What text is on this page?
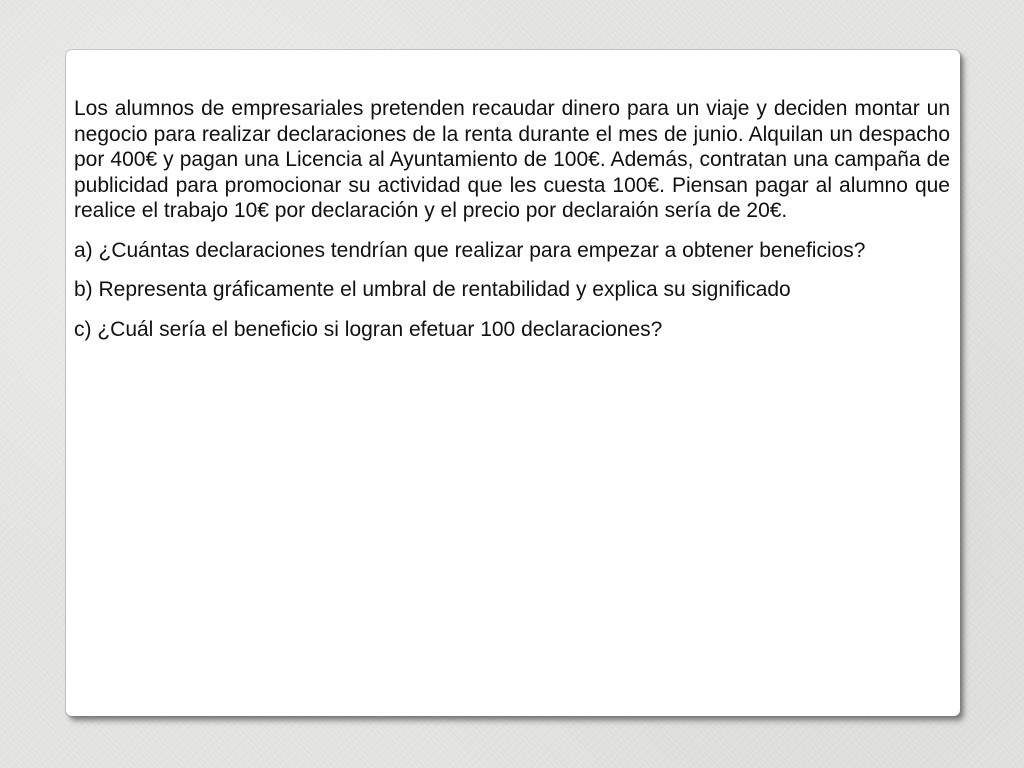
Los alumnos de empresariales pretenden recaudar dinero para un viaje y deciden montar un negocio para realizar declaraciones de la renta durante el mes de junio. Alquilan un despacho por 400€ y pagan una Licencia al Ayuntamiento de 100€. Además, contratan una campaña de publicidad para promocionar su actividad que les cuesta 100€. Piensan pagar al alumno que realice el trabajo 10€ por declaración y el precio por declaraión sería de 20€.

a) ¿Cuántas declaraciones tendrían que realizar para empezar a obtener beneficios?

b) Representa gráficamente el umbral de rentabilidad y explica su significado

c) ¿Cuál sería el beneficio si logran efetuar 100 declaraciones?
